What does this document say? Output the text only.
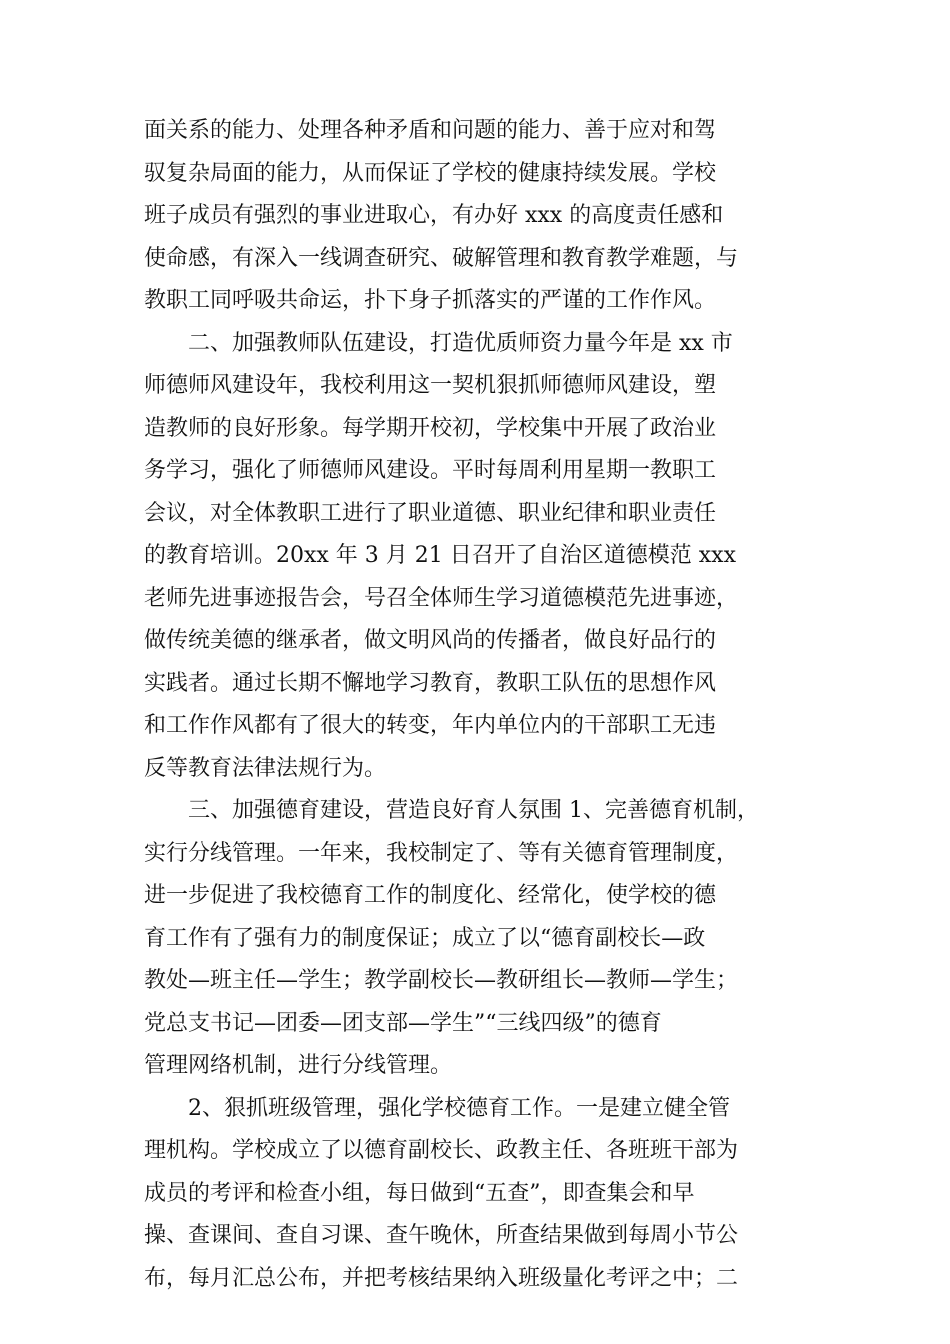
面关系的能力、处理各种矛盾和问题的能力、善于应对和驾
驭复杂局面的能力，从而保证了学校的健康持续发展。学校
班子成员有强烈的事业进取心，有办好 xxx 的高度责任感和
使命感，有深入一线调查研究、破解管理和教育教学难题，与
教职工同呼吸共命运，扑下身子抓落实的严谨的工作作风。
二、加强教师队伍建设，打造优质师资力量今年是 xx 市
师德师风建设年，我校利用这一契机狠抓师德师风建设，塑
造教师的良好形象。每学期开校初，学校集中开展了政治业
务学习，强化了师德师风建设。平时每周利用星期一教职工
会议，对全体教职工进行了职业道德、职业纪律和职业责任
的教育培训。20xx 年 3 月 21 日召开了自治区道德模范 xxx
老师先进事迹报告会，号召全体师生学习道德模范先进事迹，
做传统美德的继承者，做文明风尚的传播者，做良好品行的
实践者。通过长期不懈地学习教育，教职工队伍的思想作风
和工作作风都有了很大的转变，年内单位内的干部职工无违
反等教育法律法规行为。
三、加强德育建设，营造良好育人氛围 1、完善德育机制，
实行分线管理。一年来，我校制定了、等有关德育管理制度，
进一步促进了我校德育工作的制度化、经常化，使学校的德
育工作有了强有力的制度保证；成立了以“德育副校长—政
教处—班主任—学生；教学副校长—教研组长—教师—学生；
党总支书记—团委—团支部—学生”“三线四级”的德育
管理网络机制，进行分线管理。
2、狠抓班级管理，强化学校德育工作。一是建立健全管
理机构。学校成立了以德育副校长、政教主任、各班班干部为
成员的考评和检查小组，每日做到“五查”，即查集会和早
操、查课间、查自习课、查午晚休，所查结果做到每周小节公
布，每月汇总公布，并把考核结果纳入班级量化考评之中；二
